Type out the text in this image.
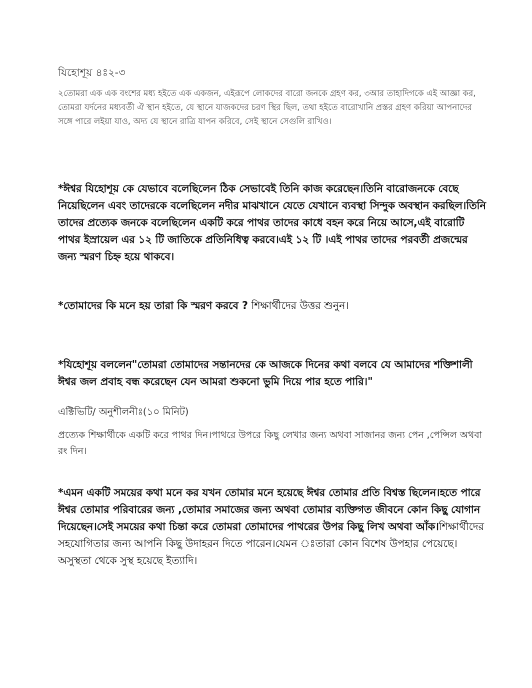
যিহোশূয় ৪ঃ২-৩

২তোমরা এক এক বংশের মধ্য হইতে এক একজন, এইরূপে লোকদের বারো জনকে গ্রহণ কর, ৩আর তাহাদিগকে এই আজ্ঞা কর, তোমরা যর্দনের মধ্যবর্তী ঐ স্থান হইতে, যে স্থানে যাজকদের চরণ স্থির ছিল, তথা হইতে বারোখানি প্রস্তর গ্রহণ করিয়া আপনাদের সঙ্গে পারে লইয়া যাও, অদ্য যে স্থানে রাত্রি যাপন করিবে, সেই স্থানে সেগুলি রাখিও।

*ঈশ্বর যিহোশূয় কে যেভাবে বলেছিলেন ঠিক সেভাবেই তিনি কাজ করেছেন।তিনি বারোজনকে বেছে নিয়েছিলেন এবং তাদেরকে বলেছিলেন নদীর মাঝখানে যেতে যেখানে ব্যবস্থা সিন্দুক অবস্থান করছিল।তিনি তাদের প্রত্যেক জনকে বলেছিলেন একটি করে পাথর তাদের কাধে বহন করে নিয়ে আসে,এই বারোটি পাথর ইস্রায়েল এর ১২ টি জাতিকে প্রতিনিধিত্ব করবে।এই ১২ টি ।এই পাথর তাদের পরবর্তী প্রজন্মের জন্য স্মরণ চিহ্ন হয়ে থাকবে।

*তোমাদের কি মনে হয় তারা কি স্মরণ করবে ? শিক্ষার্থীদের উত্তর শুনুন।

*যিহোশূয় বললেন"তোমরা তোমাদের সন্তানদের কে আজকে দিনের কথা বলবে যে আমাদের শক্তিশালী ঈশ্বর জল প্রবাহ বন্ধ করেছেন যেন আমরা শুকনো ভুমি দিয়ে পার হতে পারি।"

এক্টিভিটি/ অনুশীলনীঃ(১০ মিনিট)

প্রত্যেক শিক্ষার্থীকে একটি করে পাথর দিন।পাথরে উপরে কিছু লেখার জন্য অথবা সাজানর জন্য পেন ,পেন্সিল অথবা রং দিন।

*এমন একটি সময়ের কথা মনে কর যখন তোমার মনে হয়েছে ঈশ্বর তোমার প্রতি বিশ্বস্ত ছিলেন।হতে পারে ঈশ্বর তোমার পরিবারের জন্য ,তোমার সমাজের জন্য অথবা তোমার ব্যক্তিগত জীবনে কোন কিছু যোগান দিয়েছেন।সেই সময়ের কথা চিন্তা করে তোমরা তোমাদের পাথরের উপর কিছু লিখ অথবা আঁক।শিক্ষার্থীদের সহযোগিতার জন্য আপনি কিছু উদাহরন দিতে পারেন।যেমন ঃতারা কোন বিশেষ উপহার পেয়েছে।অসুস্থতা থেকে সুস্থ হয়েছে ইত্যাদি।
